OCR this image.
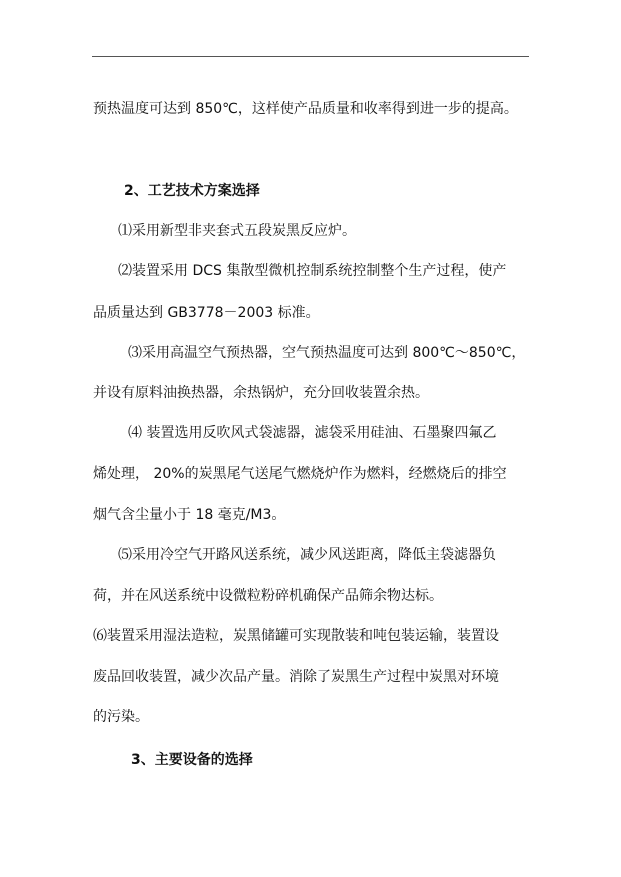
预热温度可达到 850℃，这样使产品质量和收率得到进一步的提高。
2、工艺技术方案选择
⑴采用新型非夹套式五段炭黑反应炉。
⑵装置采用 DCS 集散型微机控制系统控制整个生产过程，使产
品质量达到 GB3778－2003 标准。
⑶采用高温空气预热器，空气预热温度可达到 800℃～850℃，
并设有原料油换热器，余热锅炉，充分回收装置余热。
⑷ 装置选用反吹风式袋滤器，滤袋采用硅油、石墨聚四氟乙
烯处理， 20%的炭黑尾气送尾气燃烧炉作为燃料，经燃烧后的排空
烟气含尘量小于 18 毫克/M3。
⑸采用冷空气开路风送系统，减少风送距离，降低主袋滤器负
荷，并在风送系统中设微粒粉碎机确保产品筛余物达标。
⑹装置采用湿法造粒，炭黑储罐可实现散装和吨包装运输，装置设
废品回收装置，减少次品产量。消除了炭黑生产过程中炭黑对环境
的污染。
3、主要设备的选择
